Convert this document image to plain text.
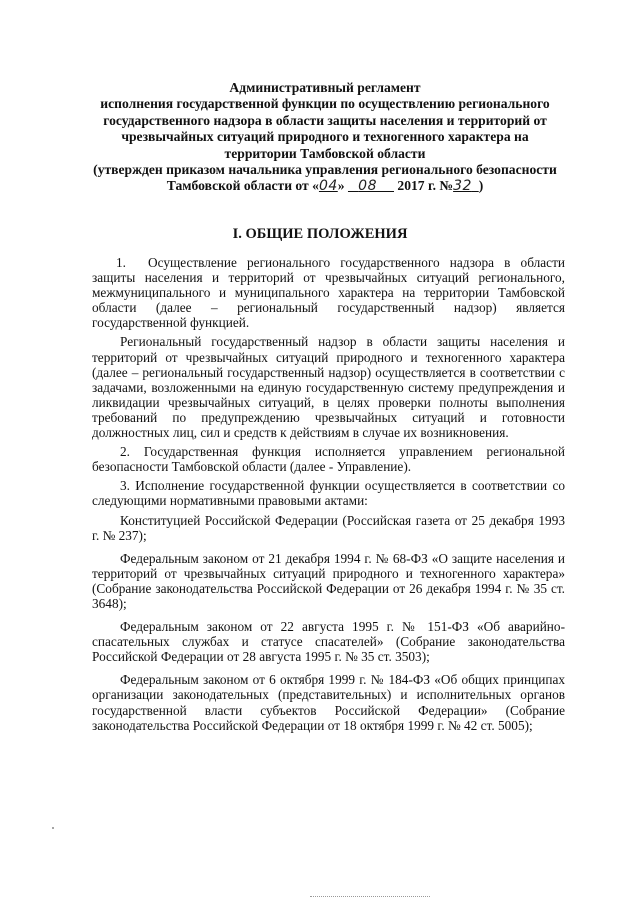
Административный регламент
исполнения государственной функции по осуществлению регионального
государственного надзора в области защиты населения и территорий от
чрезвычайных ситуаций природного и техногенного характера на
территории Тамбовской области
(утвержден приказом начальника управления регионального безопасности
Тамбовской области от «04» 08      2017 г. №32 )
I. ОБЩИЕ ПОЛОЖЕНИЯ

1. Осуществление регионального государственного надзора в области защиты населения и территорий от чрезвычайных ситуаций регионального, межмуниципального и муниципального характера на территории Тамбовской области (далее – региональный государственный надзор) является государственной функцией.

Региональный государственный надзор в области защиты населения и территорий от чрезвычайных ситуаций природного и техногенного характера (далее – региональный государственный надзор) осуществляется в соответствии с задачами, возложенными на единую государственную систему предупреждения и ликвидации чрезвычайных ситуаций, в целях проверки полноты выполнения требований по предупреждению чрезвычайных ситуаций и готовности должностных лиц, сил и средств к действиям в случае их возникновения.

2. Государственная функция исполняется управлением региональной безопасности Тамбовской области (далее - Управление).

3. Исполнение государственной функции осуществляется в соответствии со следующими нормативными правовыми актами:

Конституцией Российской Федерации (Российская газета от 25 декабря 1993 г. № 237);

Федеральным законом от 21 декабря 1994 г. № 68-ФЗ «О защите населения и территорий от чрезвычайных ситуаций природного и техногенного характера» (Собрание законодательства Российской Федерации от 26 декабря 1994 г. № 35 ст. 3648);

Федеральным законом от 22 августа 1995 г. № 151-ФЗ «Об аварийно-спасательных службах и статусе спасателей» (Собрание законодательства Российской Федерации от 28 августа 1995 г. № 35 ст. 3503);

Федеральным законом от 6 октября 1999 г. № 184-ФЗ «Об общих принципах организации законодательных (представительных) и исполнительных органов государственной власти субъектов Российской Федерации» (Собрание законодательства Российской Федерации от 18 октября 1999 г. № 42 ст. 5005);
